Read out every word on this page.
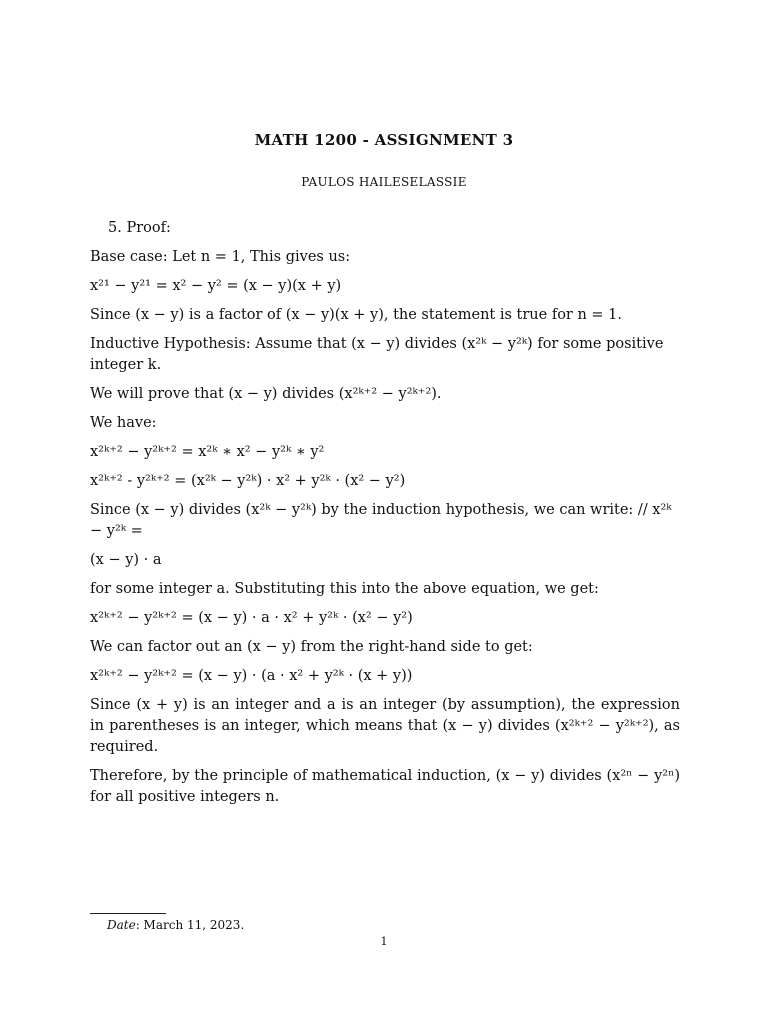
MATH 1200 - ASSIGNMENT 3
PAULOS HAILESELASSIE
5. Proof:
Base case: Let n = 1, This gives us:
x²¹ − y²¹ = x² − y² = (x − y)(x + y)
Since (x − y) is a factor of (x − y)(x + y), the statement is true for n = 1.
Inductive Hypothesis: Assume that (x − y) divides (x²ᵏ − y²ᵏ) for some positive integer k.
We will prove that (x − y) divides (x²ᵏ⁺² − y²ᵏ⁺²).
We have:
x²ᵏ⁺² − y²ᵏ⁺² = x²ᵏ ∗ x² − y²ᵏ ∗ y²
x²ᵏ⁺² - y²ᵏ⁺² = (x²ᵏ − y²ᵏ) · x² + y²ᵏ · (x² − y²)
Since (x − y) divides (x²ᵏ − y²ᵏ) by the induction hypothesis, we can write: // x²ᵏ − y²ᵏ =
(x − y) · a
for some integer a. Substituting this into the above equation, we get:
x²ᵏ⁺² − y²ᵏ⁺² = (x − y) · a · x² + y²ᵏ · (x² − y²)
We can factor out an (x − y) from the right-hand side to get:
x²ᵏ⁺² − y²ᵏ⁺² = (x − y) · (a · x² + y²ᵏ · (x + y))
Since (x + y) is an integer and a is an integer (by assumption), the expression in parentheses is an integer, which means that (x − y) divides (x²ᵏ⁺² − y²ᵏ⁺²), as required.
Therefore, by the principle of mathematical induction, (x − y) divides (x²ⁿ − y²ⁿ) for all positive integers n.
Date: March 11, 2023.
1
